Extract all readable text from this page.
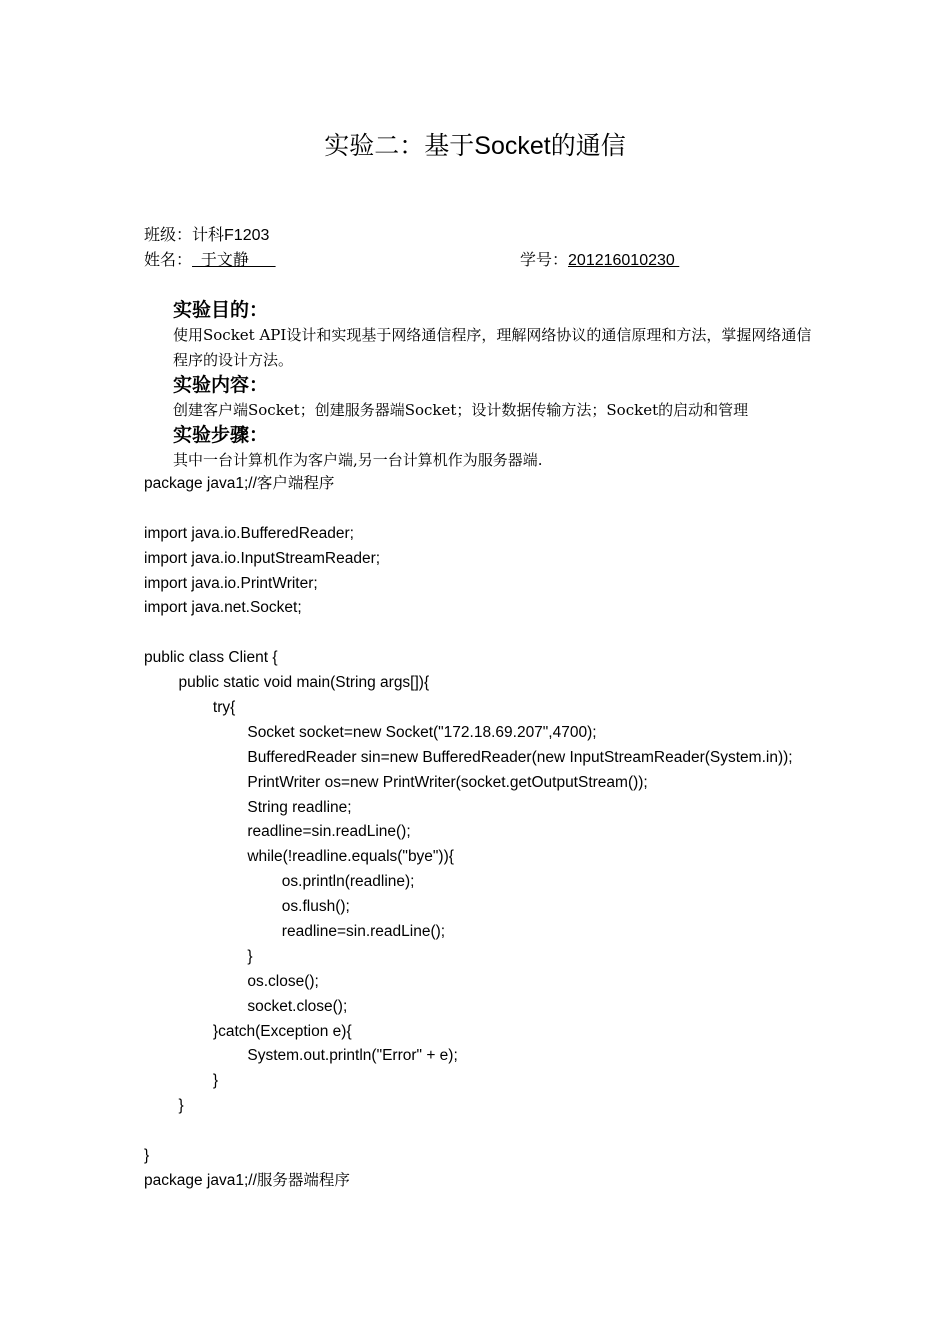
实验二：基于Socket的通信
班级：计科F1203
姓名：  于文静	学号：201216010230
实验目的：
使用Socket API设计和实现基于网络通信程序，理解网络协议的通信原理和方法，掌握网络通信程序的设计方法。
实验内容：
创建客户端Socket；创建服务器端Socket；设计数据传输方法；Socket的启动和管理
实验步骤：
其中一台计算机作为客户端,另一台计算机作为服务器端.
package java1;//客户端程序
import java.io.BufferedReader;
import java.io.InputStreamReader;
import java.io.PrintWriter;
import java.net.Socket;
public class Client {
public static void main(String args[]){
try{
Socket socket=new Socket("172.18.69.207",4700);
BufferedReader sin=new BufferedReader(new InputStreamReader(System.in));
PrintWriter os=new PrintWriter(socket.getOutputStream());
String readline;
readline=sin.readLine();
while(!readline.equals("bye")){
os.println(readline);
os.flush();
readline=sin.readLine();
}
os.close();
socket.close();
}catch(Exception e){
System.out.println("Error" + e);
}
}
}
package java1;//服务器端程序
